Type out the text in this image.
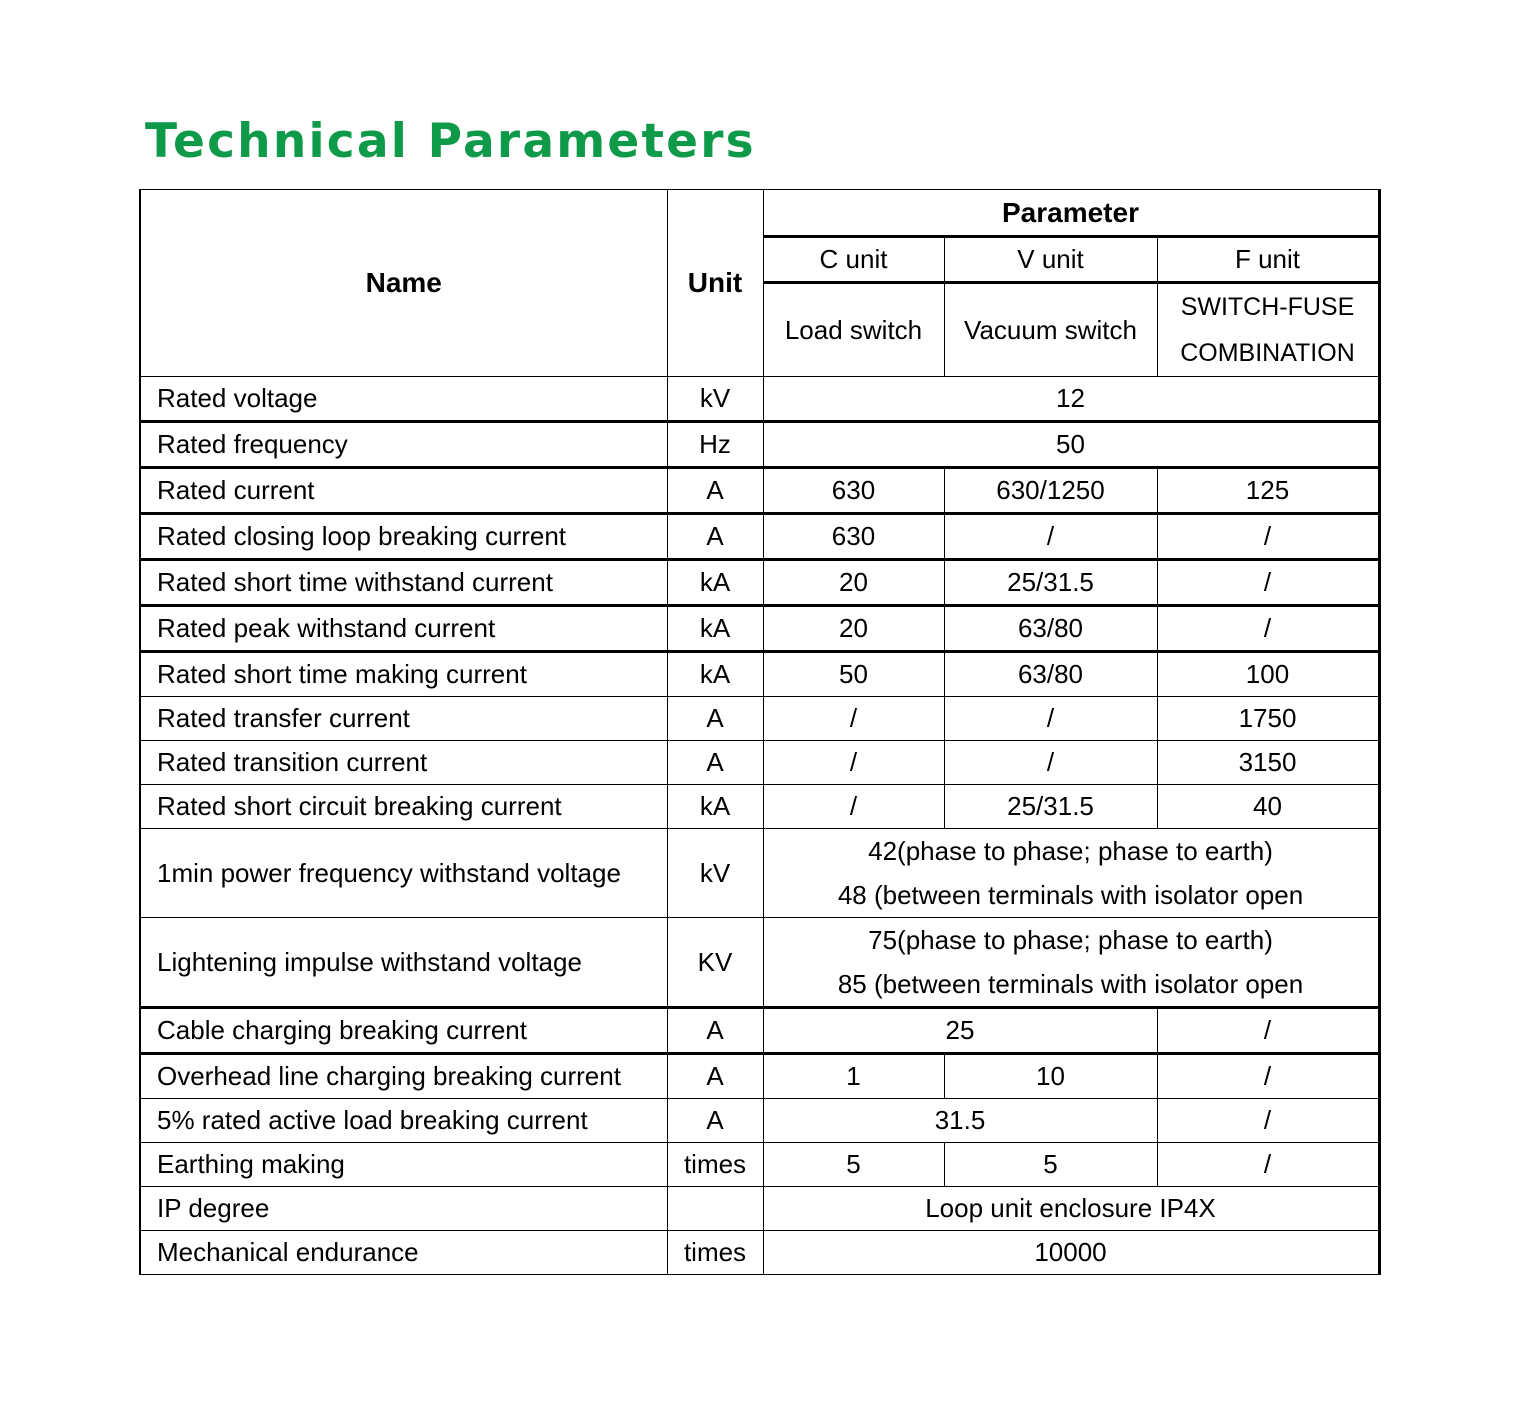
Technical Parameters
Name	Unit	Parameter		
		C unit	V unit	F unit
		Load switch	Vacuum switch	SWITCH-FUSE
COMBINATION
Rated voltage	kV	12		
Rated frequency	Hz	50		
Rated current	A	630	630/1250	125
Rated closing loop breaking current	A	630	/	/
Rated short time withstand current	kA	20	25/31.5	/
Rated peak withstand current	kA	20	63/80	/
Rated short time making current	kA	50	63/80	100
Rated transfer current	A	/	/	1750
Rated transition current	A	/	/	3150
Rated short circuit breaking current	kA	/	25/31.5	40
1min power frequency withstand voltage	kV	42(phase to phase; phase to earth)
48 (between terminals with isolator open		
Lightening impulse withstand voltage	KV	75(phase to phase; phase to earth)
85 (between terminals with isolator open		
Cable charging breaking current	A	25		/
Overhead line charging breaking current	A	1	10	/
5% rated active load breaking current	A	31.5		/
Earthing making	times	5	5	/
IP degree		Loop unit enclosure IP4X		
Mechanical endurance	times	10000		
